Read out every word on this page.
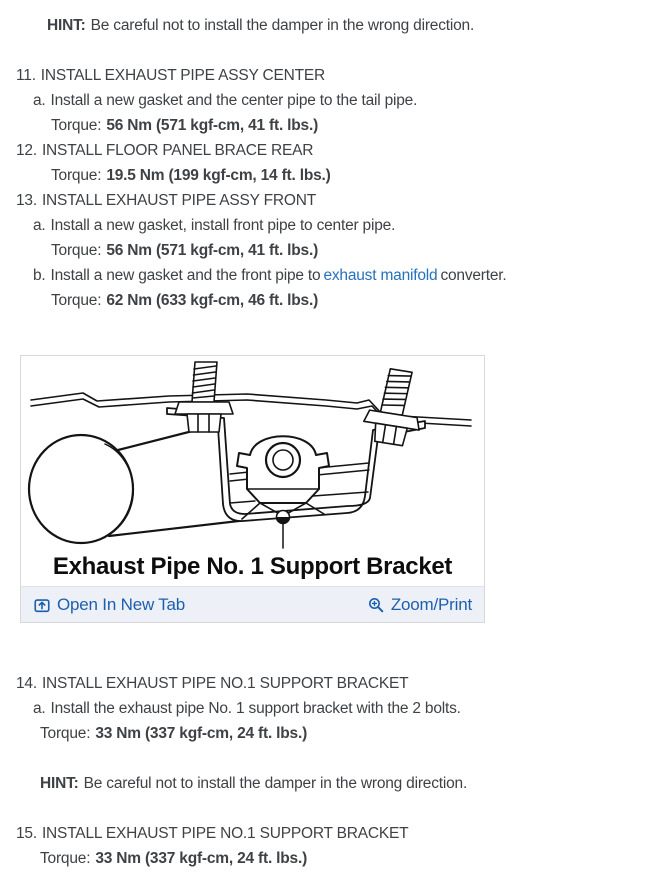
HINT: Be careful not to install the damper in the wrong direction.
11. INSTALL EXHAUST PIPE ASSY CENTER
a. Install a new gasket and the center pipe to the tail pipe.
Torque: 56 Nm (571 kgf-cm, 41 ft. lbs.)
12. INSTALL FLOOR PANEL BRACE REAR
Torque: 19.5 Nm (199 kgf-cm, 14 ft. lbs.)
13. INSTALL EXHAUST PIPE ASSY FRONT
a. Install a new gasket, install front pipe to center pipe.
Torque: 56 Nm (571 kgf-cm, 41 ft. lbs.)
b. Install a new gasket and the front pipe to exhaust manifold converter.
Torque: 62 Nm (633 kgf-cm, 46 ft. lbs.)
Exhaust Pipe No. 1 Support Bracket
Open In New Tab	Zoom/Print
14. INSTALL EXHAUST PIPE NO.1 SUPPORT BRACKET
a. Install the exhaust pipe No. 1 support bracket with the 2 bolts.
Torque: 33 Nm (337 kgf-cm, 24 ft. lbs.)
HINT: Be careful not to install the damper in the wrong direction.
15. INSTALL EXHAUST PIPE NO.1 SUPPORT BRACKET
Torque: 33 Nm (337 kgf-cm, 24 ft. lbs.)
